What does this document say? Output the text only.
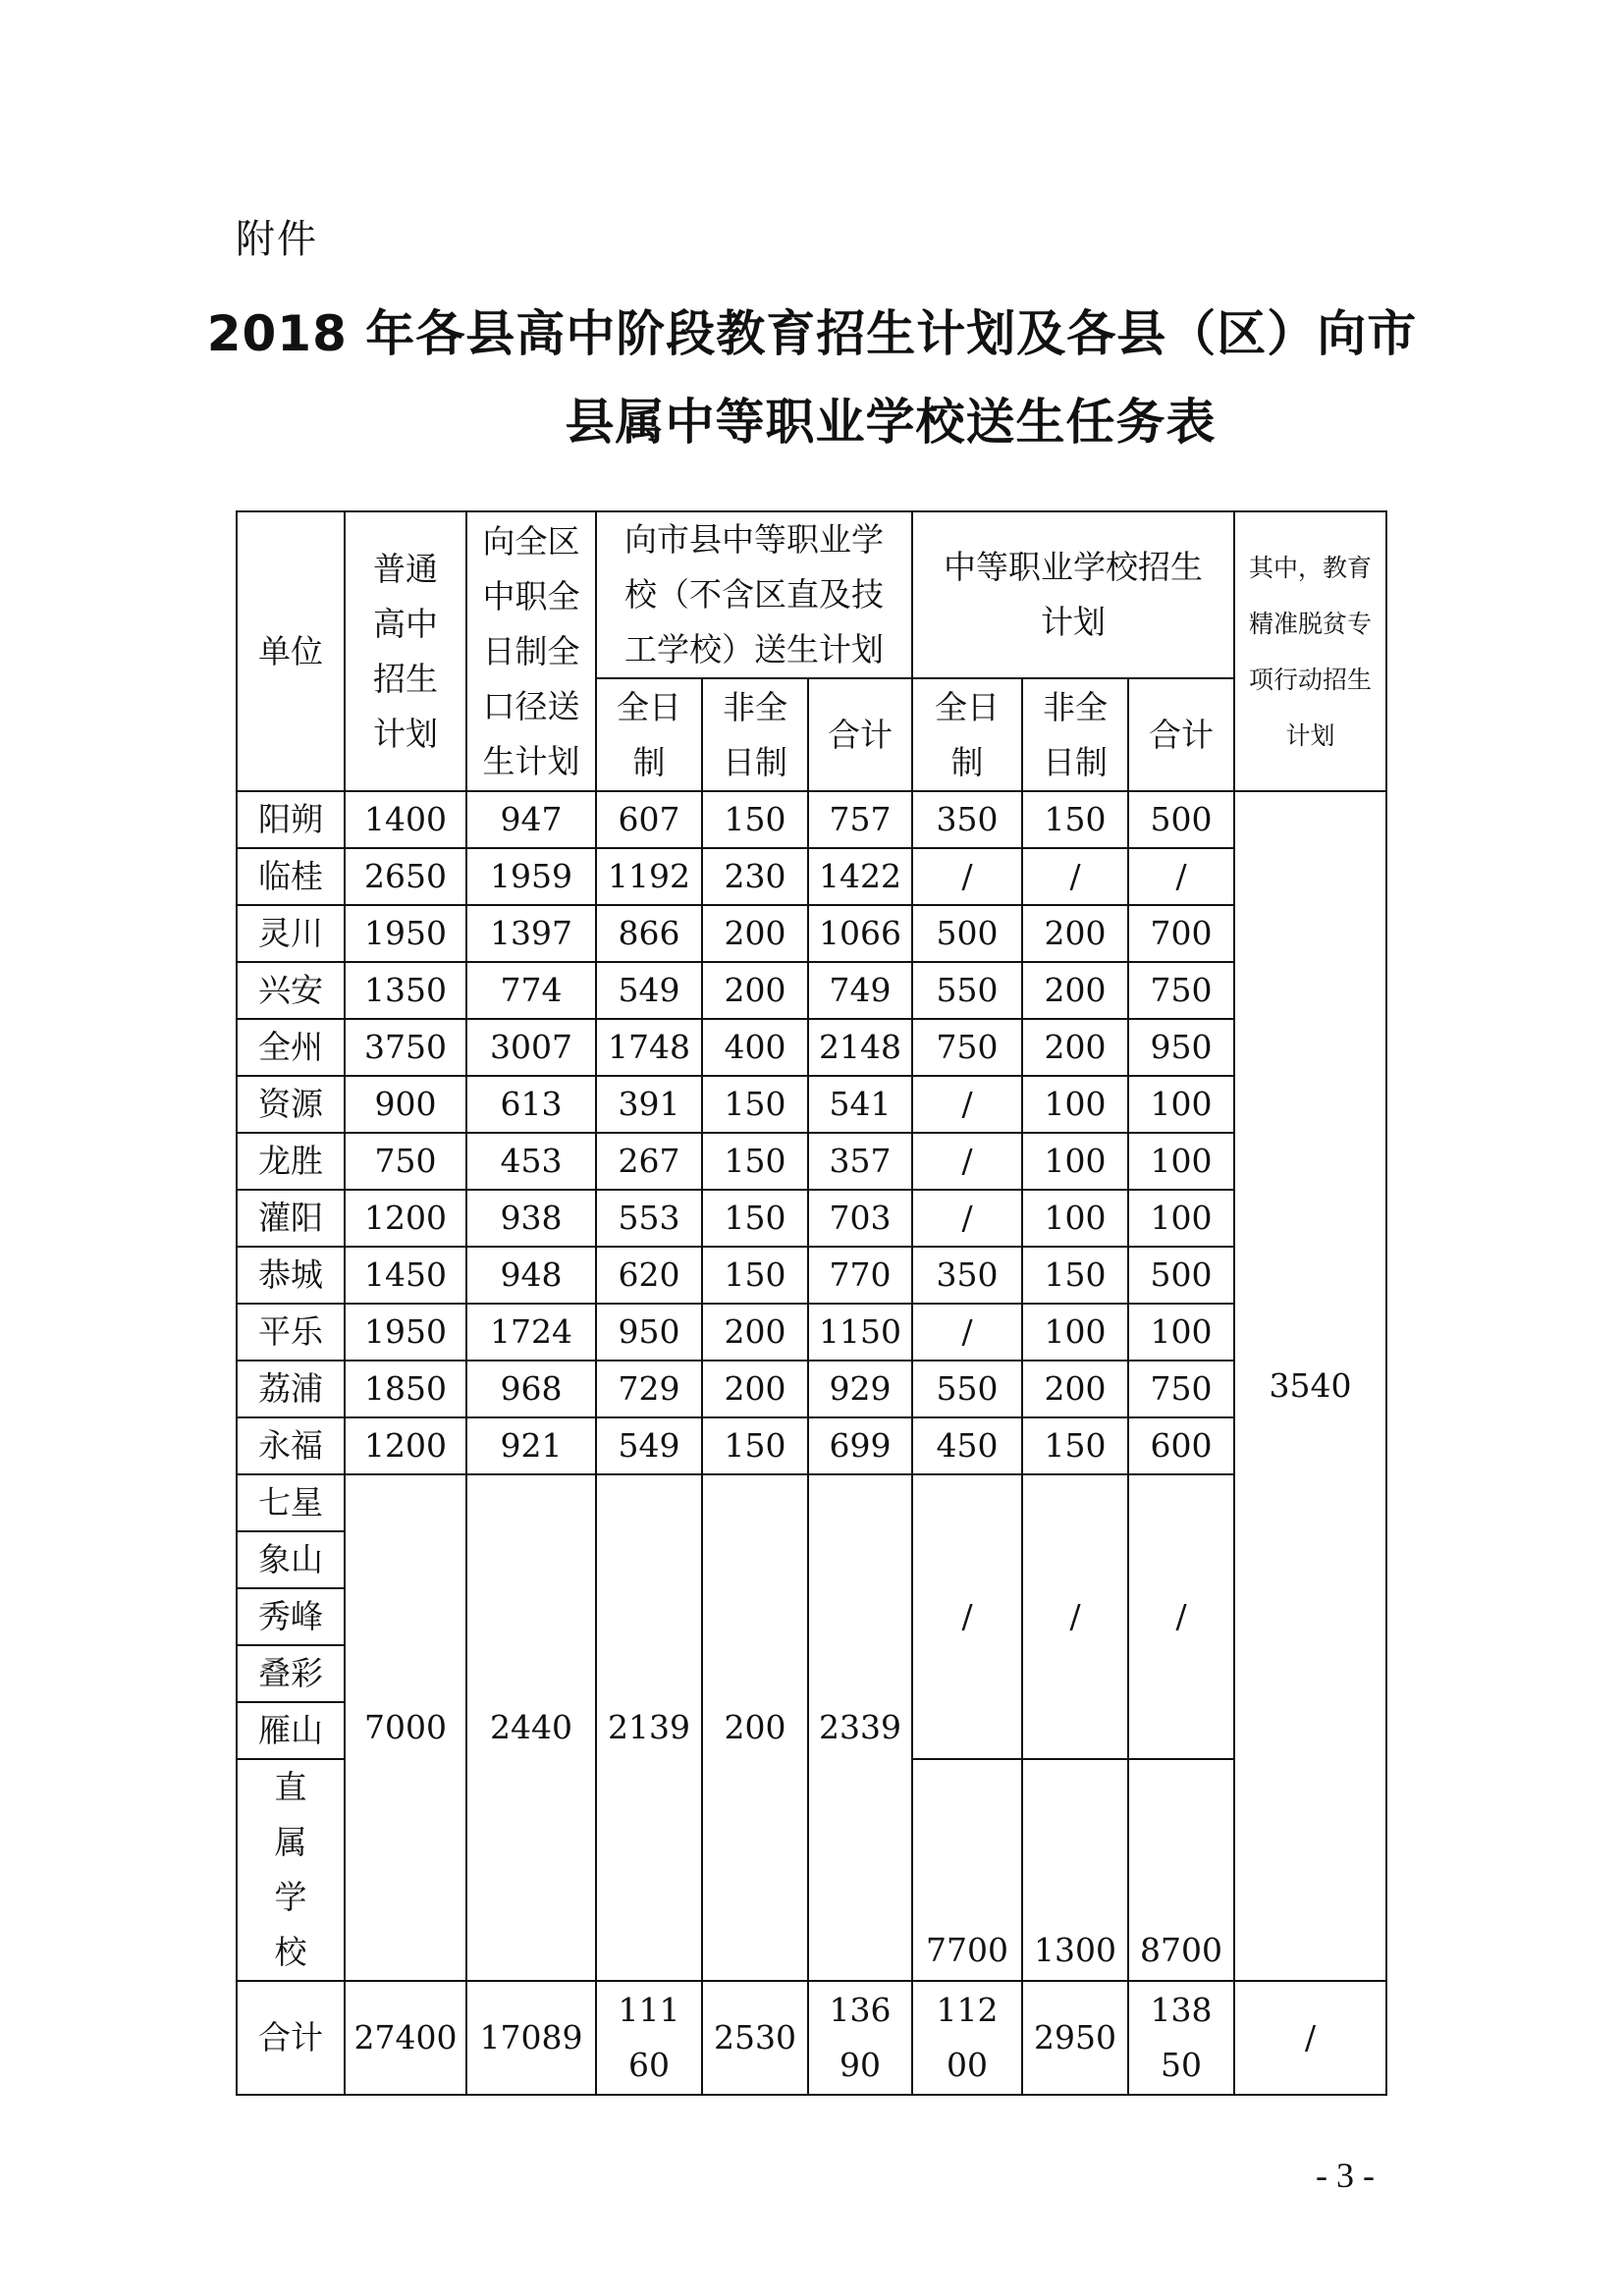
附件
2018 年各县高中阶段教育招生计划及各县（区）向市
县属中等职业学校送生任务表
单位	普通高中招生计划	向全区中职全日制全口径送生计划	向市县中等职业学校（不含区直及技工学校）送生计划			中等职业学校招生计划			其中，教育精准脱贫专项行动招生计划
			全日制	非全日制	合计	全日制	非全日制	合计	
阳朔	1400	947	607	150	757	350	150	500	3540
临桂	2650	1959	1192	230	1422	/	/	/	
灵川	1950	1397	866	200	1066	500	200	700	
兴安	1350	774	549	200	749	550	200	750	
全州	3750	3007	1748	400	2148	750	200	950	
资源	900	613	391	150	541	/	100	100	
龙胜	750	453	267	150	357	/	100	100	
灌阳	1200	938	553	150	703	/	100	100	
恭城	1450	948	620	150	770	350	150	500	
平乐	1950	1724	950	200	1150	/	100	100	
荔浦	1850	968	729	200	929	550	200	750	
永福	1200	921	549	150	699	450	150	600	
七星	7000	2440	2139	200	2339	/	/	/	
象山									
秀峰									
叠彩									
雁山									
直属学校						7700	1300	8700	
合计	27400	17089	11160	2530	13690	11200	2950	13850	/
- 3 -
